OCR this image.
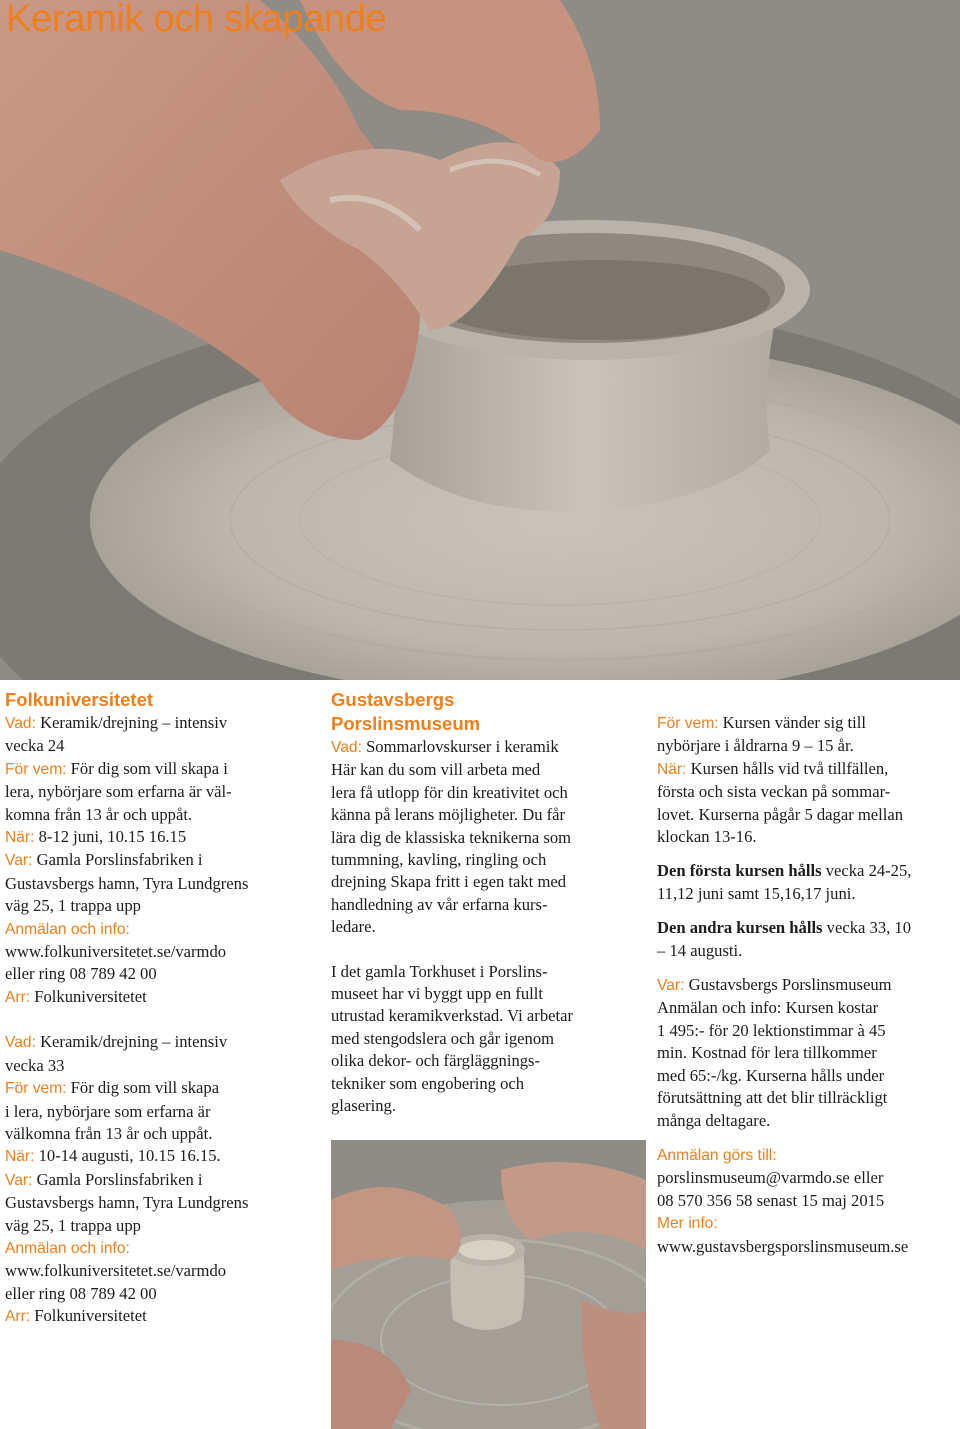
Keramik och skapande

Folkuniversitetet

Vad: Keramik/drejning – intensiv

vecka 24

För vem: För dig som vill skapa i

lera, nybörjare som erfarna är väl-

komna från 13 år och uppåt.

När: 8-12 juni, 10.15 16.15

Var: Gamla Porslinsfabriken i

Gustavsbergs hamn, Tyra Lundgrens

väg 25, 1 trappa upp

Anmälan och info:

www.folkuniversitetet.se/varmdo

eller ring 08 789 42 00

Arr: Folkuniversitetet

Vad: Keramik/drejning – intensiv

vecka 33

För vem: För dig som vill skapa

i lera, nybörjare som erfarna är

välkomna från 13 år och uppåt.

När: 10-14 augusti, 10.15 16.15.

Var: Gamla Porslinsfabriken i

Gustavsbergs hamn, Tyra Lundgrens

väg 25, 1 trappa upp

Anmälan och info:

www.folkuniversitetet.se/varmdo

eller ring 08 789 42 00

Arr: Folkuniversitetet

Gustavsbergs

Porslinsmuseum

Vad: Sommarlovskurser i keramik

Här kan du som vill arbeta med

lera få utlopp för din kreativitet och

känna på lerans möjligheter. Du får

lära dig de klassiska teknikerna som

tummning, kavling, ringling och

drejning Skapa fritt i egen takt med

handledning av vår erfarna kurs-

ledare.

I det gamla Torkhuset i Porslins-

museet har vi byggt upp en fullt

utrustad keramikverkstad. Vi arbetar

med stengodslera och går igenom

olika dekor- och färgläggnings-

tekniker som engobering och

glasering.

För vem: Kursen vänder sig till

nybörjare i åldrarna 9 – 15 år.

När: Kursen hålls vid två tillfällen,

första och sista veckan på sommar-

lovet. Kurserna pågår 5 dagar mellan

klockan 13-16.

Den första kursen hålls vecka 24-25,

11,12 juni samt 15,16,17 juni.

Den andra kursen hålls vecka 33, 10

– 14 augusti.

Var: Gustavsbergs Porslinsmuseum

Anmälan och info: Kursen kostar

1 495:- för 20 lektionstimmar à 45

min. Kostnad för lera tillkommer

med 65:-/kg. Kurserna hålls under

förutsättning att det blir tillräckligt

många deltagare.

Anmälan görs till:

porslinsmuseum@varmdo.se eller

08 570 356 58 senast 15 maj 2015

Mer info:

www.gustavsbergsporslinsmuseum.se
